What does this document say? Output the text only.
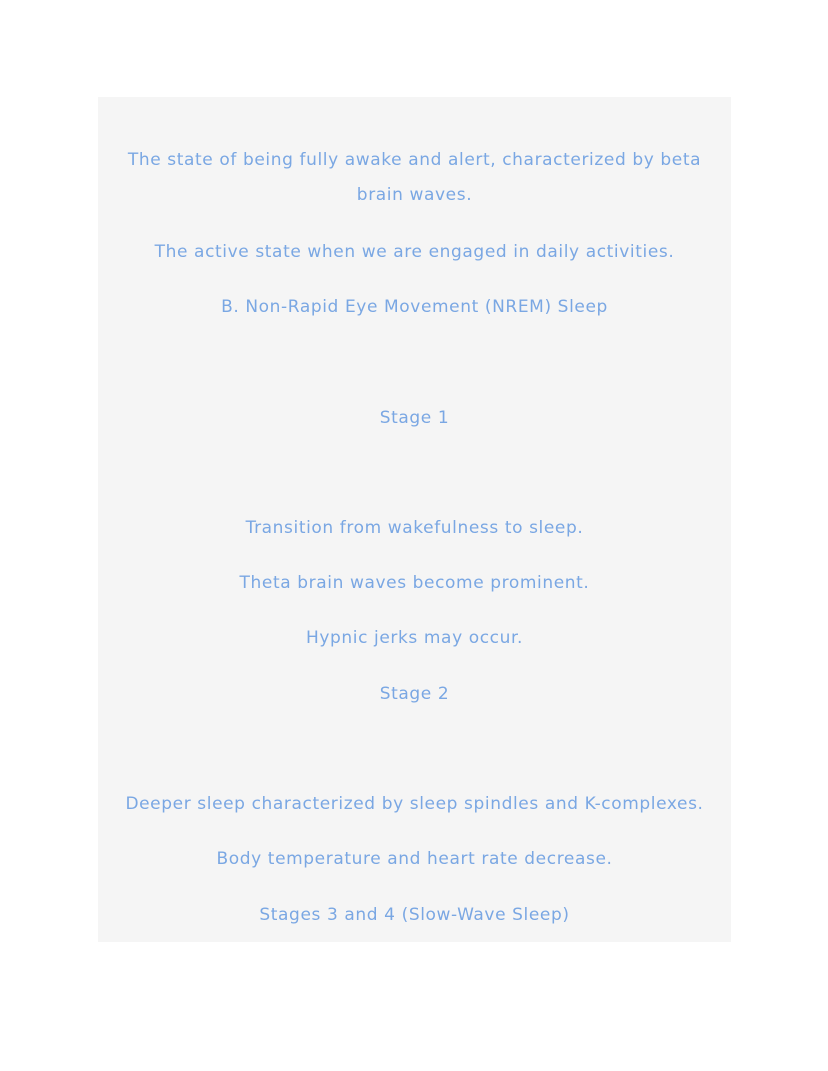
The state of being fully awake and alert, characterized by beta brain waves.
The active state when we are engaged in daily activities.
B. Non-Rapid Eye Movement (NREM) Sleep
Stage 1
Transition from wakefulness to sleep.
Theta brain waves become prominent.
Hypnic jerks may occur.
Stage 2
Deeper sleep characterized by sleep spindles and K-complexes.
Body temperature and heart rate decrease.
Stages 3 and 4 (Slow-Wave Sleep)
